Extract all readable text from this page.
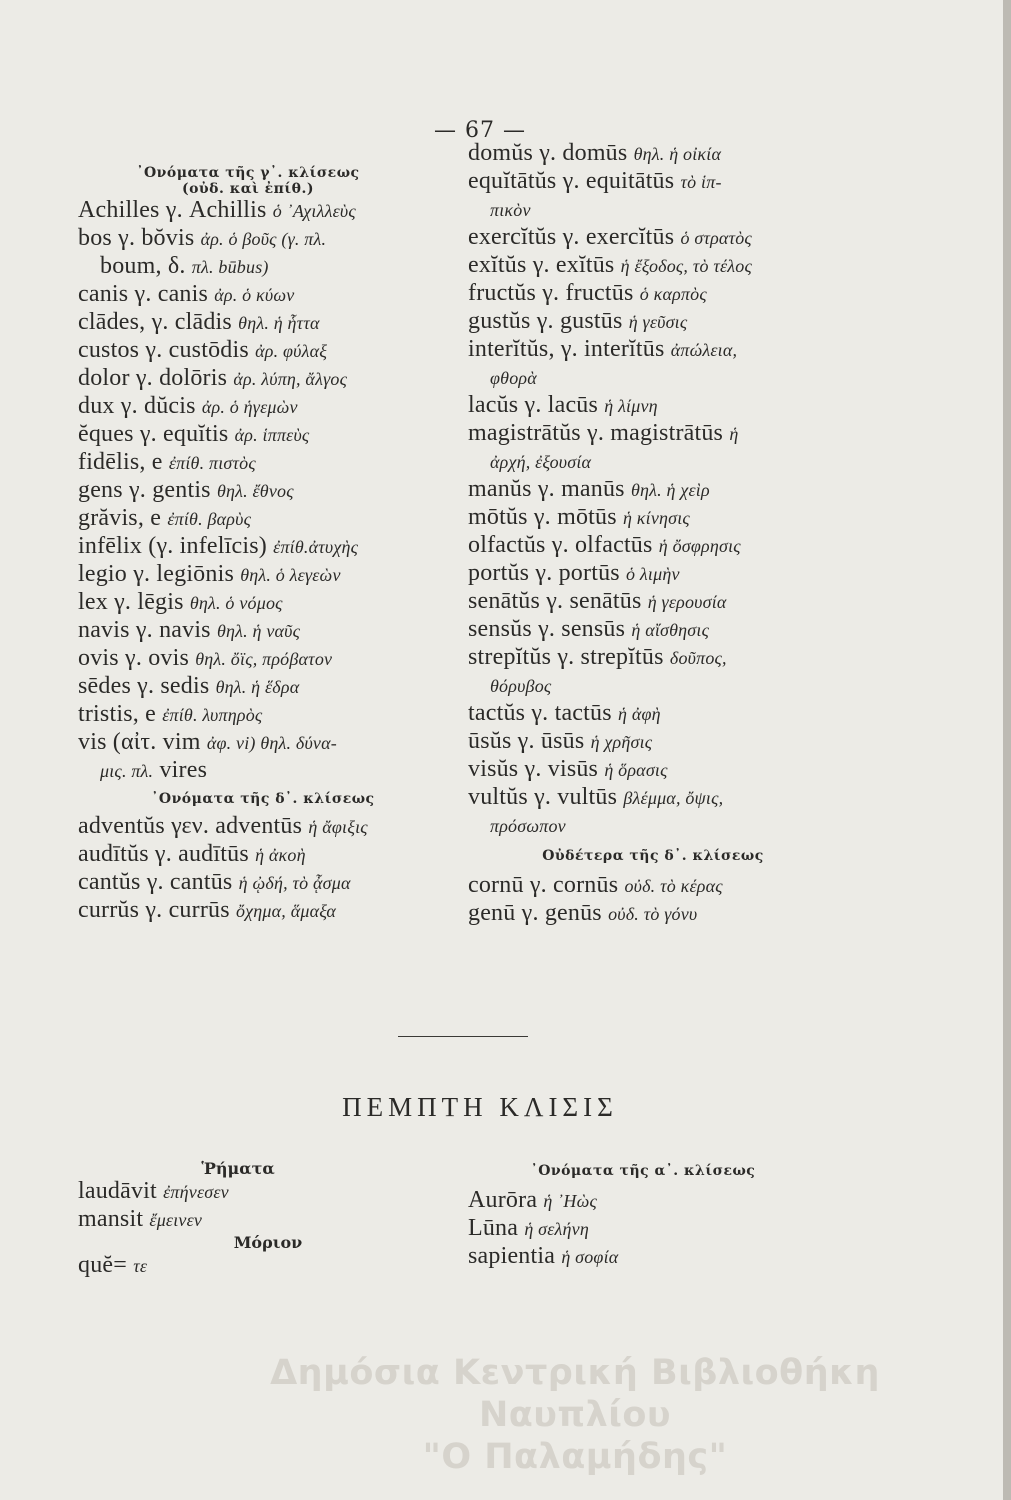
— 67 —
᾿Ονόματα τῆς γ᾿. κλίσεως
(οὐδ. καὶ ἐπίθ.)
Achilles γ. Achillis ὁ ᾿Αχιλλεὺς
bos γ. bŏvis ἀρ. ὁ βοῦς (γ. πλ.
boum, δ. πλ. būbus)
canis γ. canis ἀρ. ὁ κύων
clādes, γ. clādis θηλ. ἡ ἧττα
custos γ. custōdis ἀρ. φύλαξ
dolor γ. dolōris ἀρ. λύπη, ἄλγος
dux γ. dŭcis ἀρ. ὁ ἡγεμὼν
ĕques γ. equĭtis ἀρ. ἱππεὺς
fidēlis, e ἐπίθ. πιστὸς
gens γ. gentis θηλ. ἔθνος
grăvis, e ἐπίθ. βαρὺς
infēlix (γ. infelīcis) ἐπίθ.ἀτυχὴς
legio γ. legiōnis θηλ. ὁ λεγεὼν
lex γ. lēgis θηλ. ὁ νόμος
navis γ. navis θηλ. ἡ ναῦς
ovis γ. ovis θηλ. ὄϊς, πρόβατον
sēdes γ. sedis θηλ. ἡ ἕδρα
tristis, e ἐπίθ. λυπηρὸς
vis (αἰτ. vim ἀφ. vi) θηλ. δύνα-
μις. πλ. vires
᾿Ονόματα τῆς δ᾿. κλίσεως
adventŭs γεν. adventūs ἡ ἄφιξις
audītŭs γ. audītūs ἡ ἀκοὴ
cantŭs γ. cantūs ἡ ᾠδή, τὸ ᾆσμα
currŭs γ. currūs ὄχημα, ἅμαξα
domŭs γ. domūs θηλ. ἡ οἰκία
equĭtātŭs γ. equitātūs τὸ ἱπ-
πικὸν
exercĭtŭs γ. exercĭtūs ὁ στρατὸς
exĭtŭs γ. exĭtūs ἡ ἔξοδος, τὸ τέλος
fructŭs γ. fructūs ὁ καρπὸς
gustŭs γ. gustūs ἡ γεῦσις
interĭtŭs, γ. interĭtūs ἀπώλεια,
φθορὰ
lacŭs γ. lacūs ἡ λίμνη
magistrātŭs γ. magistrātūs ἡ
ἀρχή, ἐξουσία
manŭs γ. manūs θηλ. ἡ χεὶρ
mōtŭs γ. mōtūs ἡ κίνησις
olfactŭs γ. olfactūs ἡ ὄσφρησις
portŭs γ. portūs ὁ λιμὴν
senātŭs γ. senātūs ἡ γερουσία
sensŭs γ. sensūs ἡ αἴσθησις
strepĭtŭs γ. strepĭtūs δοῦπος,
θόρυβος
tactŭs γ. tactūs ἡ ἀφὴ
ūsŭs γ. ūsūs ἡ χρῆσις
visŭs γ. visūs ἡ ὅρασις
vultŭs γ. vultūs βλέμμα, ὄψις,
πρόσωπον
Οὐδέτερα τῆς δ᾿. κλίσεως
cornū γ. cornūs οὐδ. τὸ κέρας
genū γ. genūs οὐδ. τὸ γόνυ
ΠΕΜΠΤΗ ΚΛΙΣΙΣ
Ῥήματα
laudāvit ἐπήνεσεν
mansit ἔμεινεν
Μόριον
quĕ= τε
᾿Ονόματα τῆς α᾿. κλίσεως
Aurōra ἡ ᾿Ηὼς
Lūna ἡ σελήνη
sapientia ἡ σοφία
Δημόσια Κεντρική Βιβλιοθήκη Ναυπλίου
"Ο Παλαμήδης"
